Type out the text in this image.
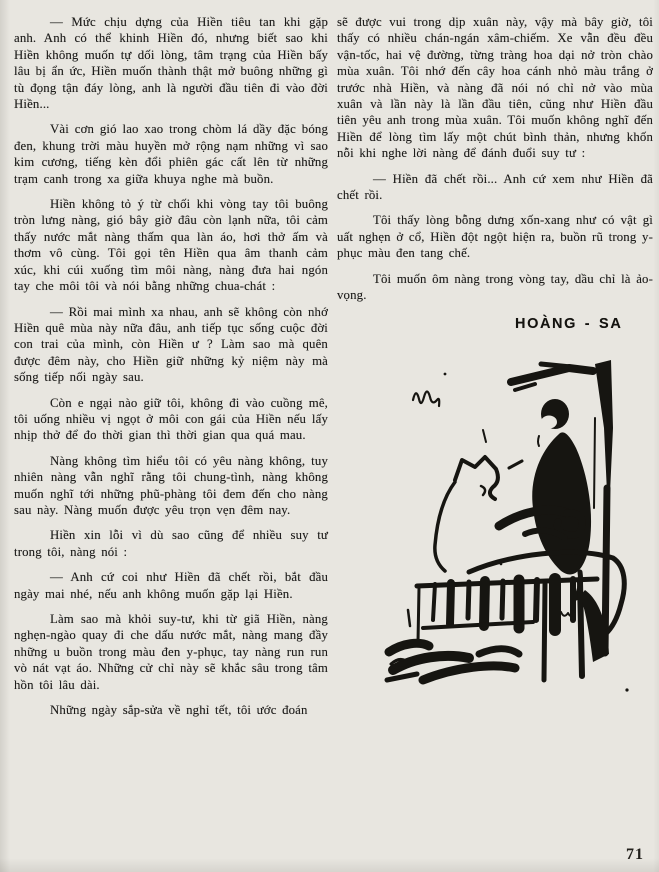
— Mức chịu dựng của Hiền tiêu tan khi gặp anh. Anh có thể khinh Hiền đó, nhưng biết sao khi Hiền không muốn tự dối lòng, tâm trạng của Hiền bấy lâu bị ẩn ức, Hiền muốn thành thật mở buông những gì tù đọng tận đáy lòng, anh là người đầu tiên đi vào đời Hiền...

Vài cơn gió lao xao trong chòm lá dầy đặc bóng đen, khung trời màu huyền mở rộng nạm những vì sao kim cương, tiếng kèn đổi phiên gác cất lên từ những trạm canh trong xa giữa khuya nghe mà buồn.

Hiền không tỏ ý từ chối khi vòng tay tôi buông tròn lưng nàng, gió bây giờ đâu còn lạnh nữa, tôi cảm thấy nước mắt nàng thấm qua làn áo, hơi thở ấm và thơm vô cùng. Tôi gọi tên Hiền qua âm thanh cảm xúc, khi cúi xuống tìm môi nàng, nàng đưa hai ngón tay che môi tôi và nói bằng những chua-chát :

— Rồi mai mình xa nhau, anh sẽ không còn nhớ Hiền quê mùa này nữa đâu, anh tiếp tục sống cuộc đời con trai của mình, còn Hiền ư ? Làm sao mà quên được đêm này, cho Hiền giữ những kỷ niệm này mà sống tiếp nối ngày sau.

Còn e ngại nào giữ tôi, không đi vào cuồng mê, tôi uống nhiều vị ngọt ở môi con gái của Hiền nếu lấy nhịp thở để đo thời gian thì thời gian qua quá mau.

Nàng không tìm hiểu tôi có yêu nàng không, tuy nhiên nàng vẫn nghĩ rằng tôi chung-tình, nàng không muốn nghĩ tới những phũ-phàng tôi đem đến cho nàng sau này. Nàng muốn được yêu trọn vẹn đêm nay.

Hiền xin lỗi vì dù sao cũng để nhiều suy tư trong tôi, nàng nói :

— Anh cứ coi như Hiền đã chết rồi, bắt đầu ngày mai nhé, nếu anh không muốn gặp lại Hiền.

Làm sao mà khỏi suy-tư, khi từ giã Hiền, nàng nghẹn-ngào quay đi che dấu nước mắt, nàng mang đầy những u buồn trong màu đen y-phục, tay nàng run run vò nát vạt áo. Những cử chỉ này sẽ khắc sâu trong tâm hồn tôi lâu dài.

Những ngày sắp-sửa về nghỉ tết, tôi ước đoán

sẽ được vui trong dịp xuân này, vậy mà bây giờ, tôi thấy có nhiều chán-ngán xâm-chiếm. Xe vẫn đều đều vận-tốc, hai vệ đường, từng tràng hoa dại nở tròn chào mùa xuân. Tôi nhớ đến cây hoa cánh nhỏ màu trắng ở trước nhà Hiền, và nàng đã nói nó chỉ nở vào mùa xuân và lần này là lần đầu tiên, cũng như Hiền đầu tiên yêu anh trong mùa xuân. Tôi muốn không nghĩ đến Hiền để lòng tìm lấy một chút bình thản, nhưng khốn nỗi khi nghe lời nàng để đánh đuổi suy tư :

— Hiền đã chết rồi... Anh cứ xem như Hiền đã chết rồi.

Tôi thấy lòng bỗng dưng xốn-xang như có vật gì uất nghẹn ở cổ, Hiền đột ngột hiện ra, buồn rũ trong y-phục màu đen tang chế.

Tôi muốn ôm nàng trong vòng tay, dầu chỉ là ảo-vọng.

HOÀNG - SA
71
